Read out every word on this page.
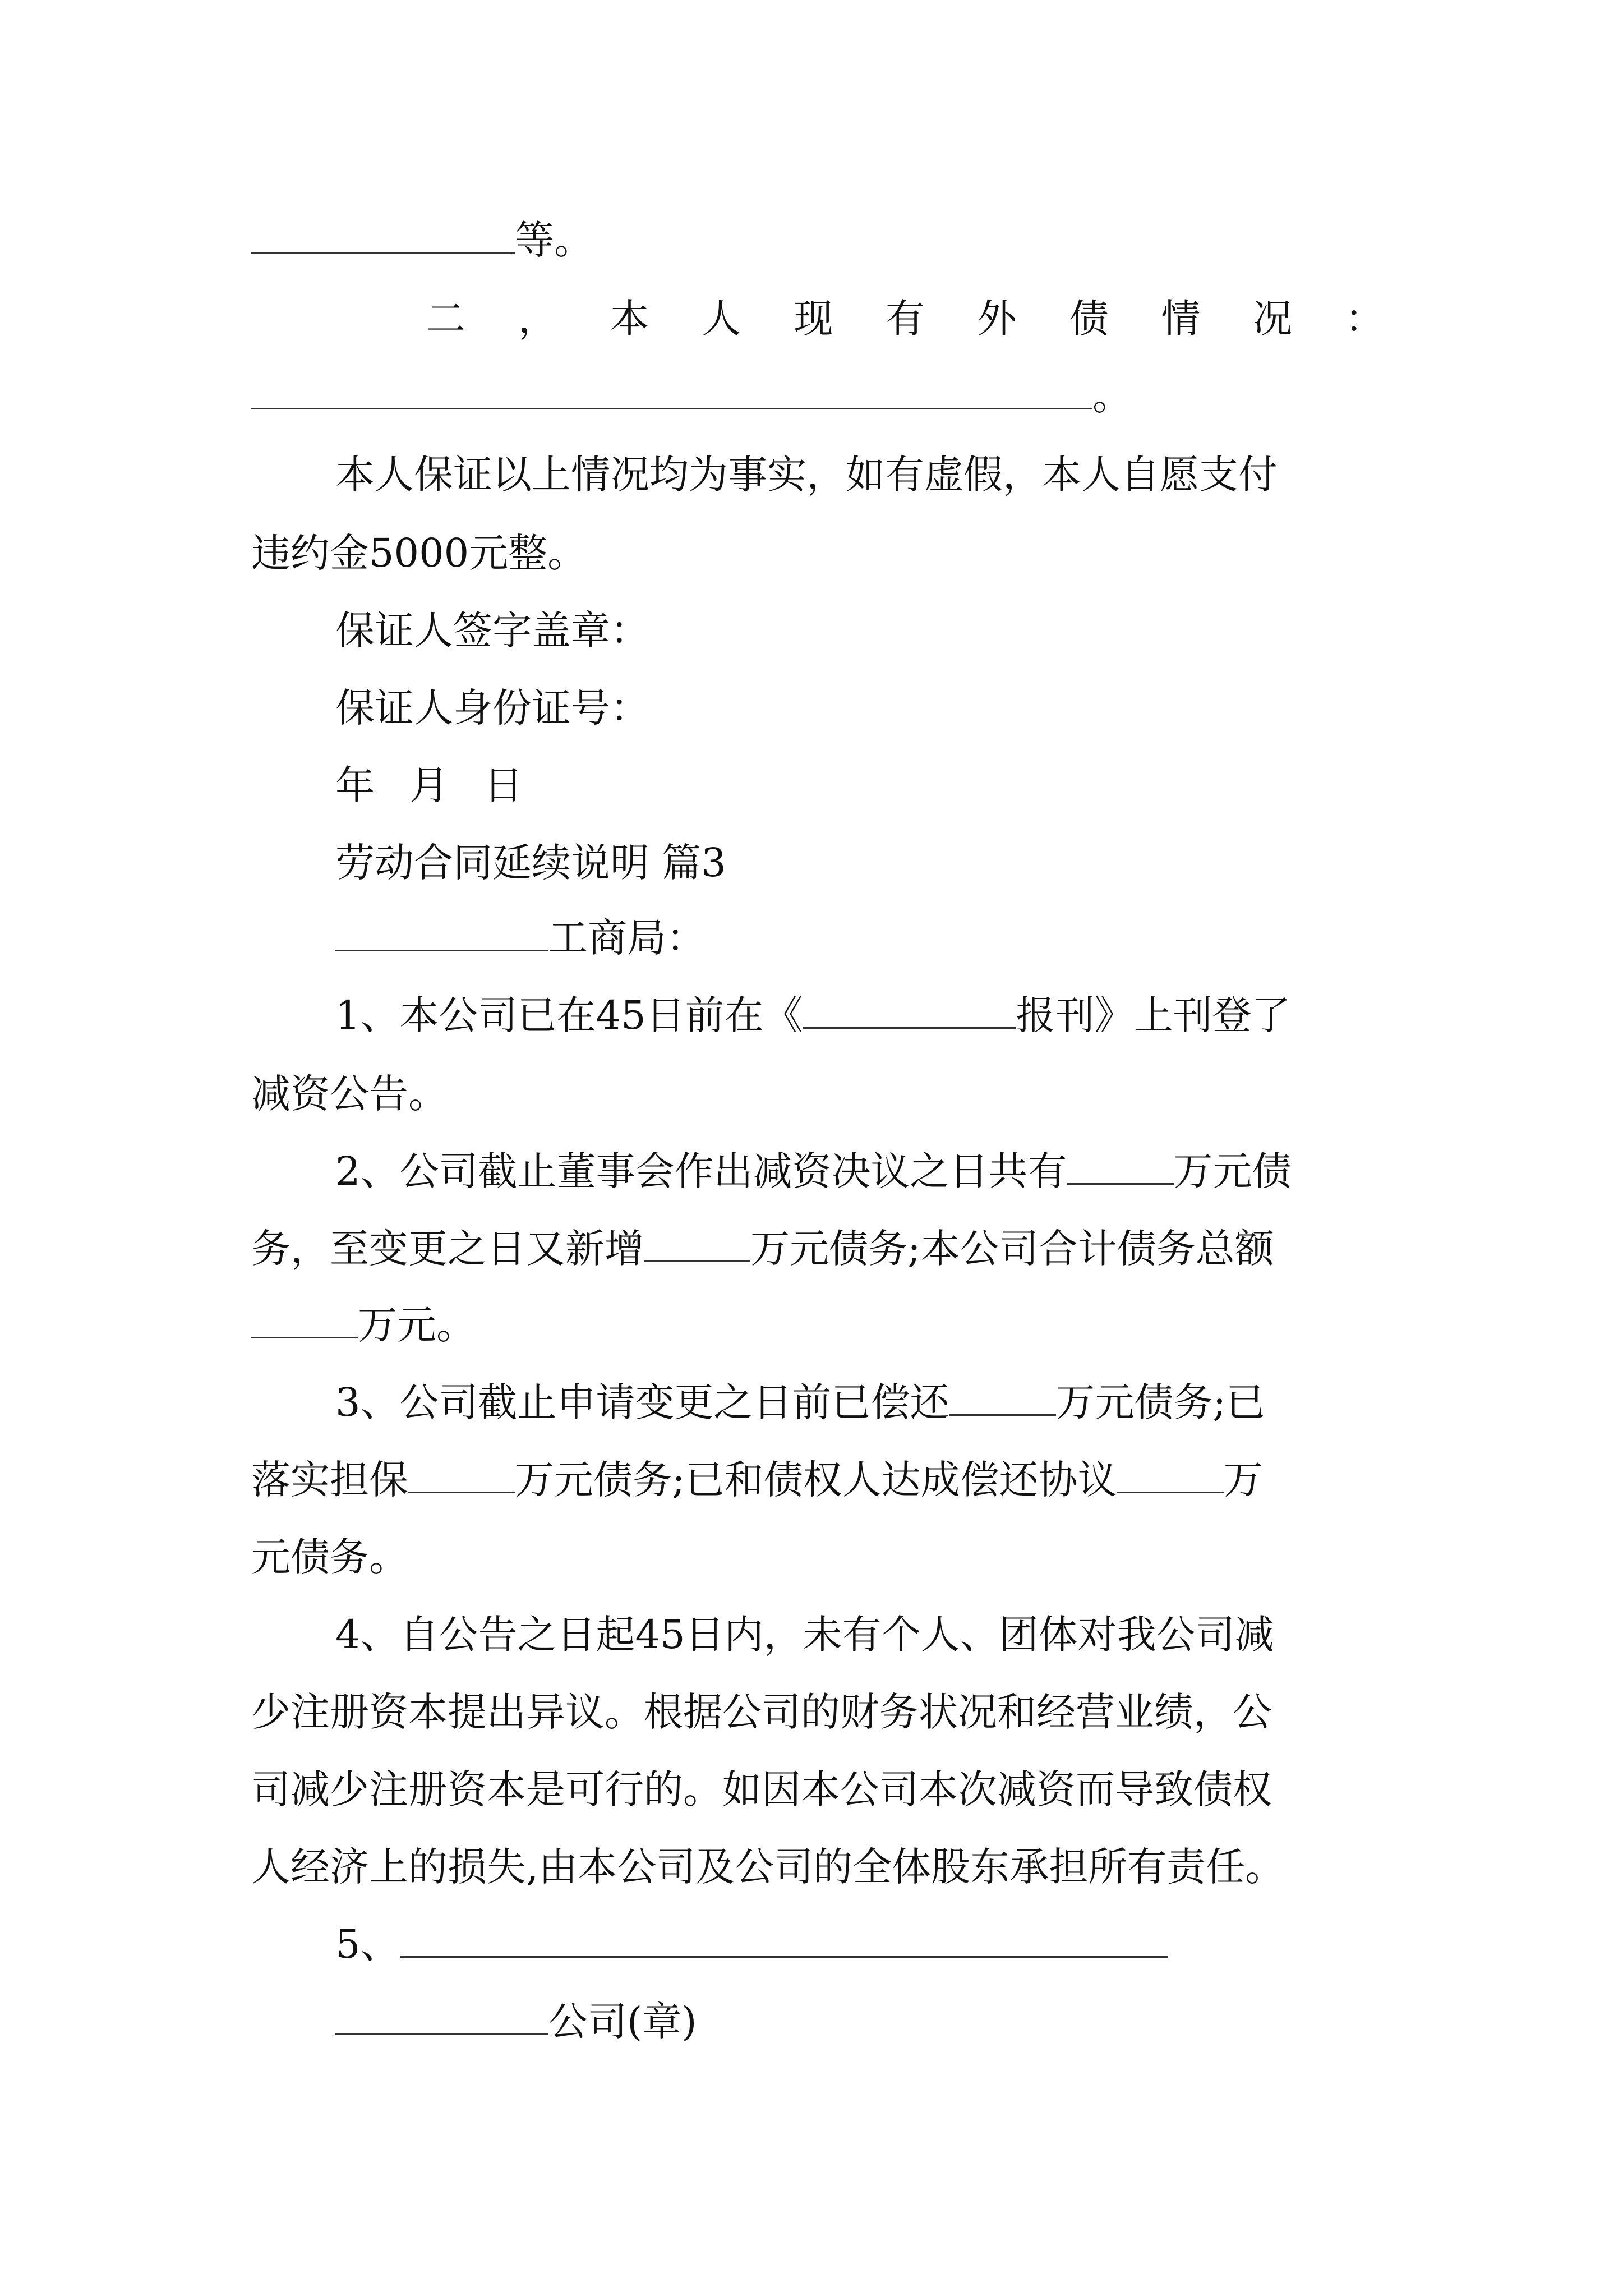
等。
二 ， 本 人 现 有 外 债 情 况 ：
。
本人保证以上情况均为事实，如有虚假，本人自愿支付
违约金5000元整。
保证人签字盖章：
保证人身份证号：
年 月 日
劳动合同延续说明 篇3
工商局：
1、本公司已在45日前在《	报刊》上刊登了
减资公告。
2、公司截止董事会作出减资决议之日共有	万元债
务，至变更之日又新增	万元债务;本公司合计债务总额
万元。
3、公司截止申请变更之日前已偿还	万元债务;已
落实担保	万元债务;已和债权人达成偿还协议	万
元债务。
4、自公告之日起45日内，未有个人、团体对我公司减
少注册资本提出异议。根据公司的财务状况和经营业绩，公
司减少注册资本是可行的。如因本公司本次减资而导致债权
人经济上的损失,由本公司及公司的全体股东承担所有责任。
5、
公司(章)
